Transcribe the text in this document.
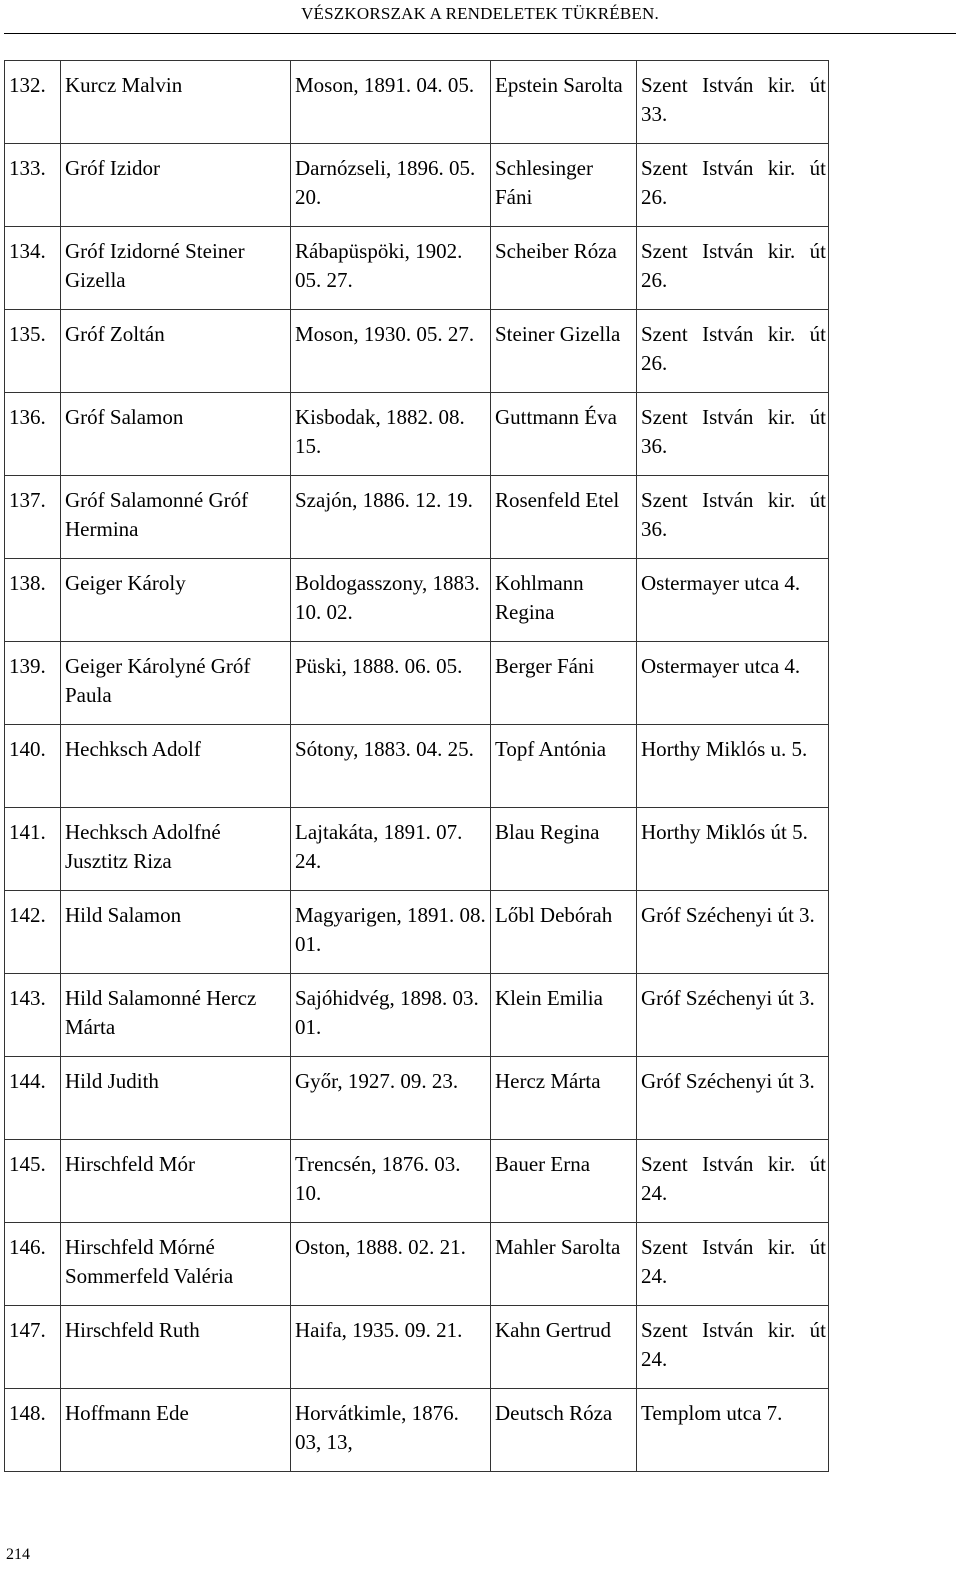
VÉSZKORSZAK A RENDELETEK TÜKRÉBEN.
132.	Kurcz Malvin	Moson, 1891. 04. 05.	Epstein Sarolta	Szent István kir. út 33.
133.	Gróf Izidor	Darnózseli, 1896. 05. 20.	Schlesinger Fáni	Szent István kir. út 26.
134.	Gróf Izidorné Steiner Gizella	Rábapüspöki, 1902. 05. 27.	Scheiber Róza	Szent István kir. út 26.
135.	Gróf Zoltán	Moson, 1930. 05. 27.	Steiner Gizella	Szent István kir. út 26.
136.	Gróf Salamon	Kisbodak, 1882. 08. 15.	Guttmann Éva	Szent István kir. út 36.
137.	Gróf Salamonné Gróf Hermina	Szajón, 1886. 12. 19.	Rosenfeld Etel	Szent István kir. út 36.
138.	Geiger Károly	Boldogasszony, 1883. 10. 02.	Kohlmann Regina	Ostermayer utca 4.
139.	Geiger Károlyné Gróf Paula	Püski, 1888. 06. 05.	Berger Fáni	Ostermayer utca 4.
140.	Hechksch Adolf	Sótony, 1883. 04. 25.	Topf Antónia	Horthy Miklós u. 5.
141.	Hechksch Adolfné Jusztitz Riza	Lajtakáta, 1891. 07. 24.	Blau Regina	Horthy Miklós út 5.
142.	Hild Salamon	Magyarigen, 1891. 08. 01.	Lőbl Debórah	Gróf Széchenyi út 3.
143.	Hild Salamonné Hercz Márta	Sajóhidvég, 1898. 03. 01.	Klein Emilia	Gróf Széchenyi út 3.
144.	Hild Judith	Győr, 1927. 09. 23.	Hercz Márta	Gróf Széchenyi út 3.
145.	Hirschfeld Mór	Trencsén, 1876. 03. 10.	Bauer Erna	Szent István kir. út 24.
146.	Hirschfeld Mórné Sommerfeld Valéria	Oston, 1888. 02. 21.	Mahler Sarolta	Szent István kir. út 24.
147.	Hirschfeld Ruth	Haifa, 1935. 09. 21.	Kahn Gertrud	Szent István kir. út 24.
148.	Hoffmann Ede	Horvátkimle, 1876. 03, 13,	Deutsch Róza	Templom utca 7.
214
